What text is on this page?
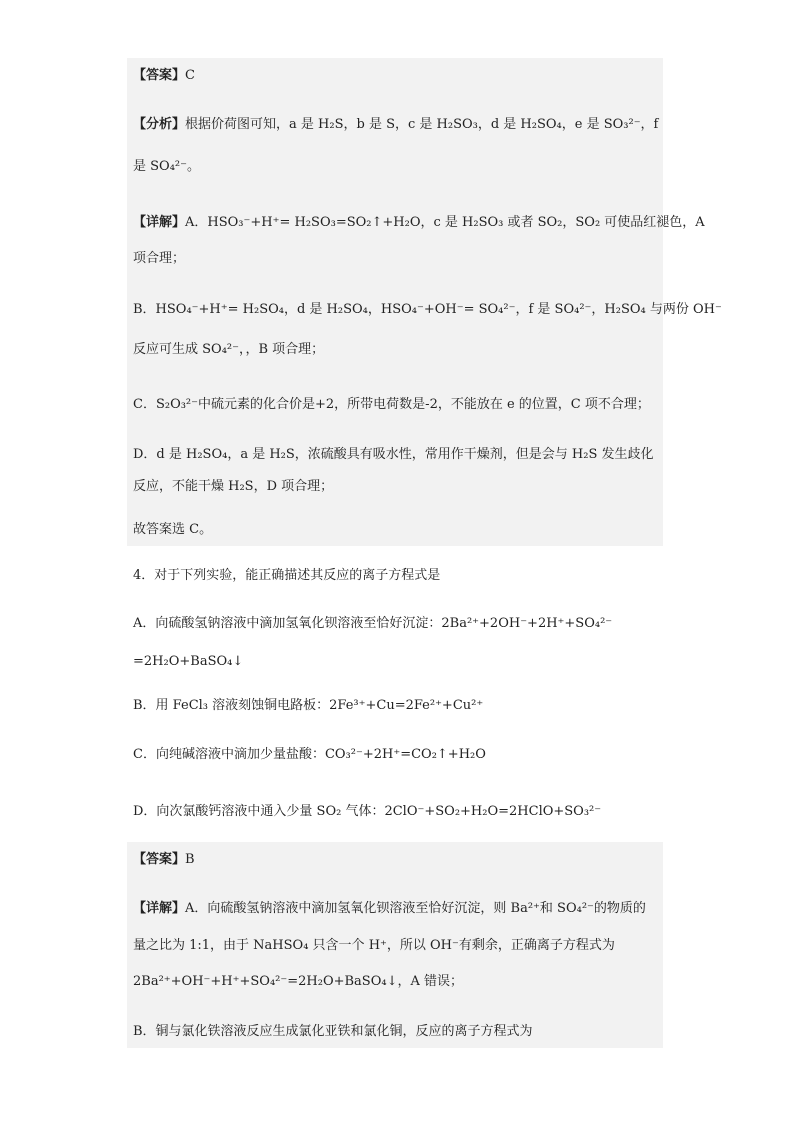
【答案】C
【分析】根据价荷图可知，a 是 H₂S，b 是 S，c 是 H₂SO₃，d 是 H₂SO₄，e 是 SO₃²⁻，f
是 SO₄²⁻。
【详解】A．HSO₃⁻+H⁺= H₂SO₃=SO₂↑+H₂O，c 是 H₂SO₃ 或者 SO₂，SO₂ 可使品红褪色，A
项合理；
B．HSO₄⁻+H⁺= H₂SO₄，d 是 H₂SO₄，HSO₄⁻+OH⁻= SO₄²⁻，f 是 SO₄²⁻，H₂SO₄ 与两份 OH⁻
反应可生成 SO₄²⁻，，B 项合理；
C．S₂O₃²⁻中硫元素的化合价是+2，所带电荷数是-2，不能放在 e 的位置，C 项不合理；
D．d 是 H₂SO₄，a 是 H₂S，浓硫酸具有吸水性，常用作干燥剂，但是会与 H₂S 发生歧化
反应，不能干燥 H₂S，D 项合理；
故答案选 C。
4．对于下列实验，能正确描述其反应的离子方程式是
A．向硫酸氢钠溶液中滴加氢氧化钡溶液至恰好沉淀：2Ba²⁺+2OH⁻+2H⁺+SO₄²⁻
=2H₂O+BaSO₄↓
B．用 FeCl₃ 溶液刻蚀铜电路板：2Fe³⁺+Cu=2Fe²⁺+Cu²⁺
C．向纯碱溶液中滴加少量盐酸：CO₃²⁻+2H⁺=CO₂↑+H₂O
D．向次氯酸钙溶液中通入少量 SO₂ 气体：2ClO⁻+SO₂+H₂O=2HClO+SO₃²⁻
【答案】B
【详解】A．向硫酸氢钠溶液中滴加氢氧化钡溶液至恰好沉淀，则 Ba²⁺和 SO₄²⁻的物质的
量之比为 1:1，由于 NaHSO₄ 只含一个 H⁺，所以 OH⁻有剩余，正确离子方程式为
2Ba²⁺+OH⁻+H⁺+SO₄²⁻=2H₂O+BaSO₄↓，A 错误；
B．铜与氯化铁溶液反应生成氯化亚铁和氯化铜，反应的离子方程式为
